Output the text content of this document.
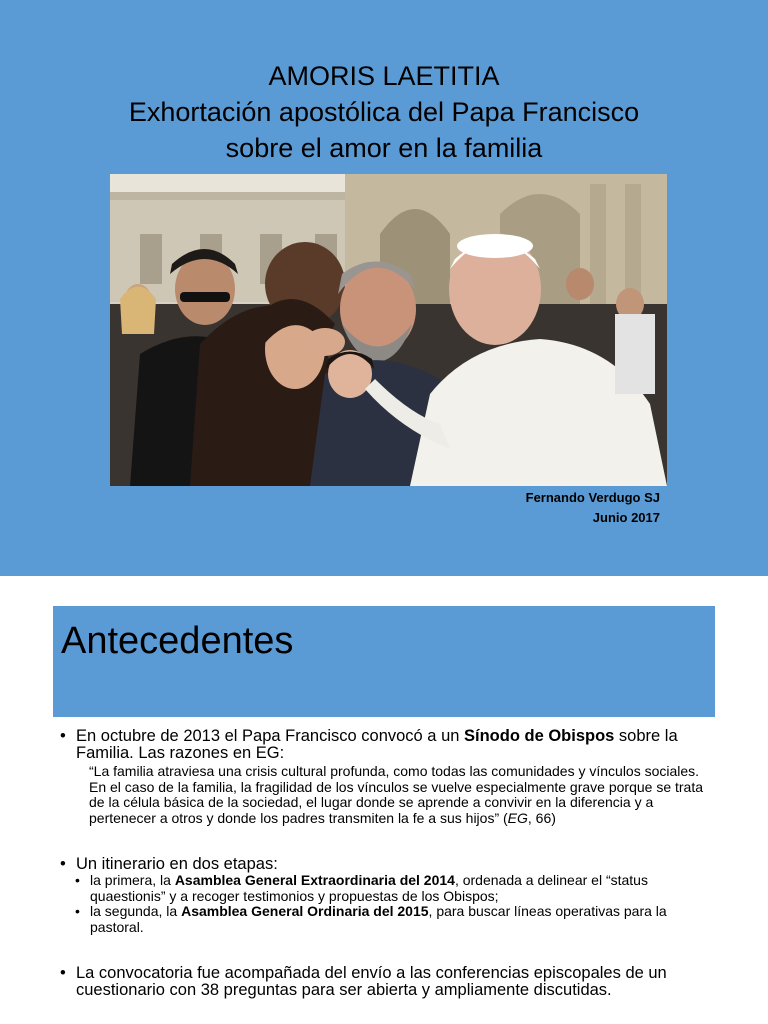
AMORIS LAETITIA
Exhortación apostólica del Papa Francisco
sobre el amor en la familia
Fernando Verdugo SJ
Junio 2017
Antecedentes
• En octubre de 2013 el Papa Francisco convocó a un Sínodo de Obispos sobre la Familia. Las razones en EG:
“La familia atraviesa una crisis cultural profunda, como todas las comunidades y vínculos sociales. En el caso de la familia, la fragilidad de los vínculos se vuelve especialmente grave porque se trata de la célula básica de la sociedad, el lugar donde se aprende a convivir en la diferencia y a pertenecer a otros y donde los padres transmiten la fe a sus hijos” (EG, 66)
• Un itinerario en dos etapas:
• la primera, la Asamblea General Extraordinaria del 2014, ordenada a delinear el “status quaestionis” y a recoger testimonios y propuestas de los Obispos;
• la segunda, la Asamblea General Ordinaria del 2015, para buscar líneas operativas para la pastoral.
• La convocatoria fue acompañada del envío a las conferencias episcopales de un cuestionario con 38 preguntas para ser abierta y ampliamente discutidas.
